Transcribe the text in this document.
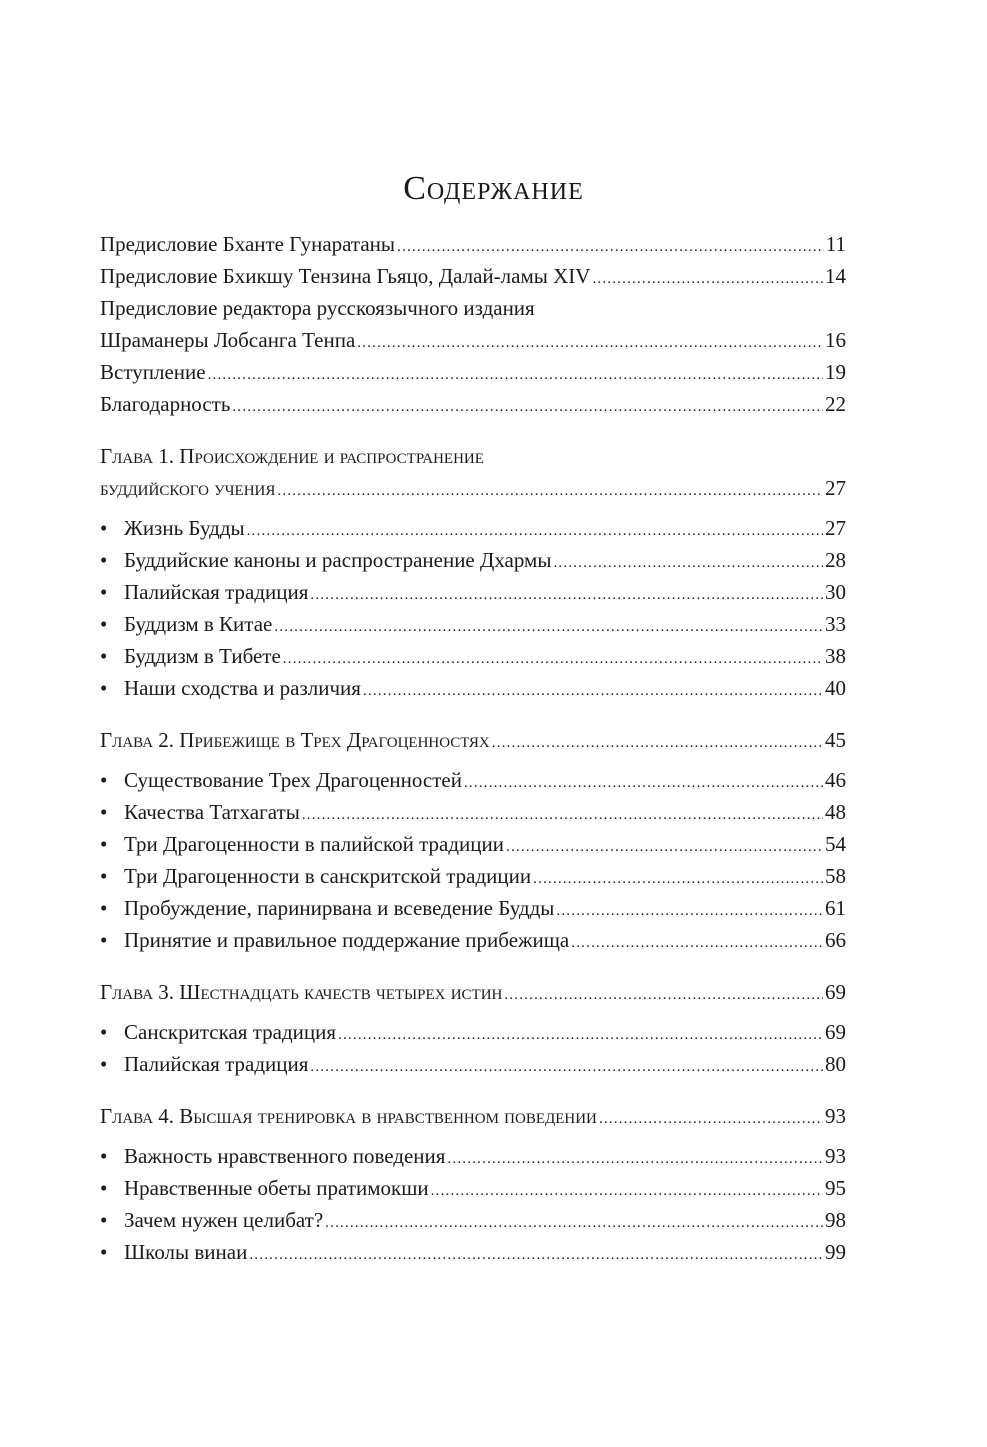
Содержание
Предисловие Бханте Гунаратаны .....	11
Предисловие Бхикшу Тензина Гьяцо, Далай-ламы XIV .....	14
Предисловие редактора русскоязычного издания
Шраманеры Лобсанга Тенпа .....	16
Вступление .....	19
Благодарность .....	22
Глава 1. Происхождение и распространение
буддийского учения .....	27
• Жизнь Будды .....	27
• Буддийские каноны и распространение Дхармы .....	28
• Палийская традиция .....	30
• Буддизм в Китае .....	33
• Буддизм в Тибете .....	38
• Наши сходства и различия .....	40
Глава 2. Прибежище в Трех Драгоценностях .....	45
• Существование Трех Драгоценностей .....	46
• Качества Татхагаты .....	48
• Три Драгоценности в палийской традиции .....	54
• Три Драгоценности в санскритской традиции .....	58
• Пробуждение, паринирвана и всеведение Будды .....	61
• Принятие и правильное поддержание прибежища .....	66
Глава 3. Шестнадцать качеств четырех истин .....	69
• Санскритская традиция .....	69
• Палийская традиция .....	80
Глава 4. Высшая тренировка в нравственном поведении .....	93
• Важность нравственного поведения .....	93
• Нравственные обеты пратимокши .....	95
• Зачем нужен целибат? .....	98
• Школы винаи .....	99
